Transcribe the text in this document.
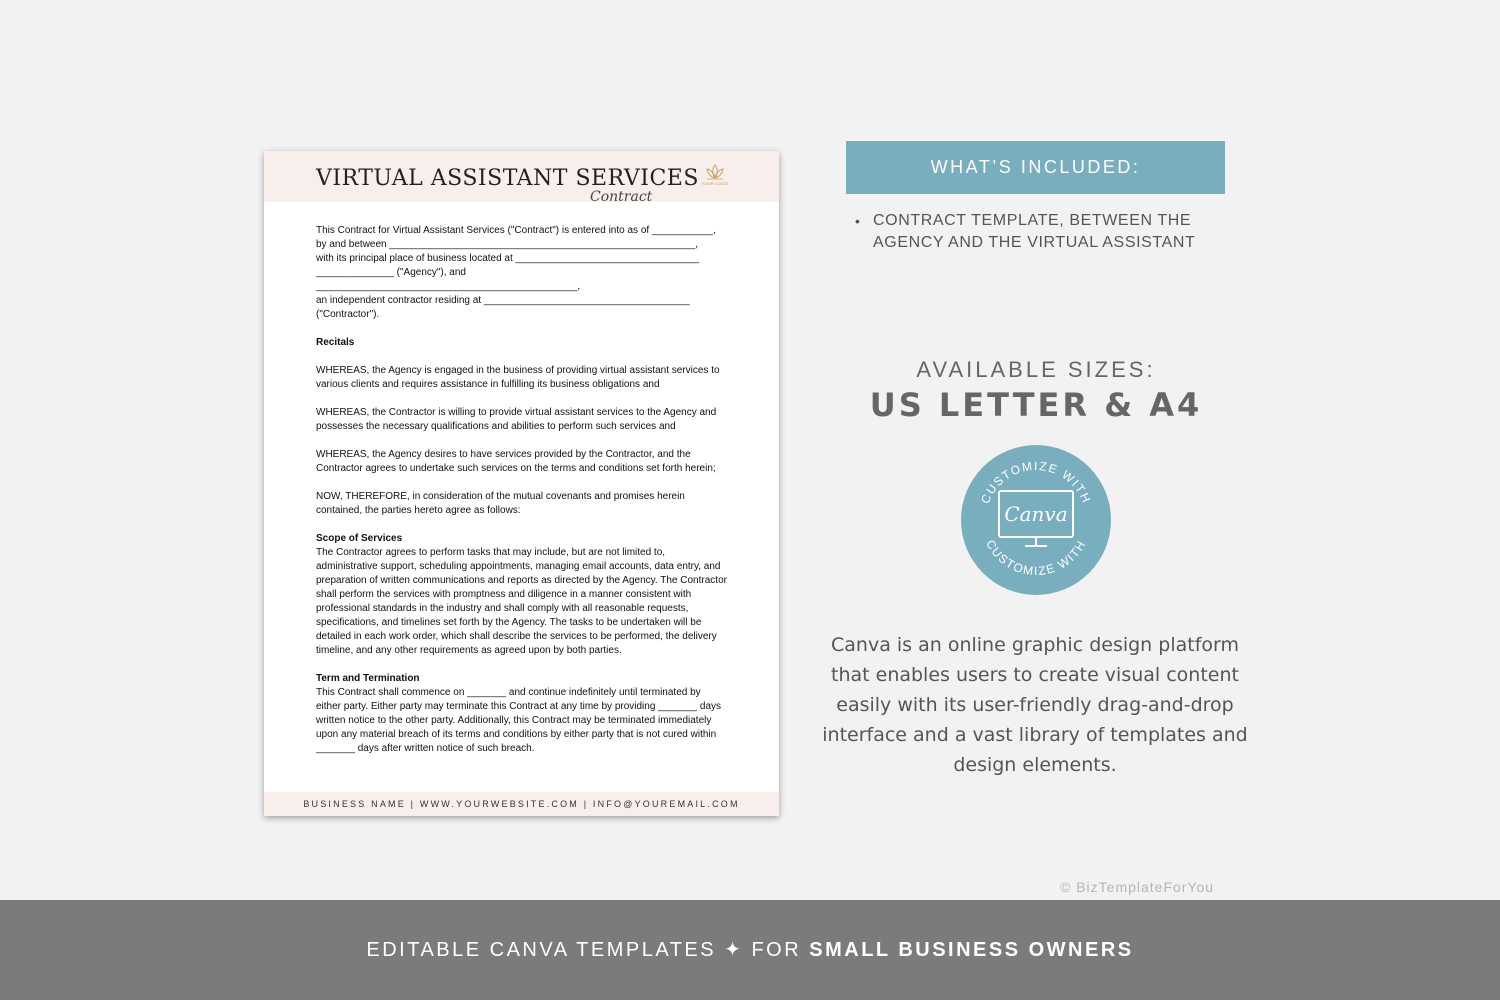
VIRTUAL ASSISTANT SERVICES
Contract
YOUR LOGO

This Contract for Virtual Assistant Services ("Contract") is entered into as of ___________,
by and between _______________________________________________________,
with its principal place of business located at _________________________________
______________ ("Agency"), and _______________________________________________,
an independent contractor residing at _____________________________________
("Contractor").

Recitals

WHEREAS, the Agency is engaged in the business of providing virtual assistant services to various clients and requires assistance in fulfilling its business obligations and

WHEREAS, the Contractor is willing to provide virtual assistant services to the Agency and possesses the necessary qualifications and abilities to perform such services and

WHEREAS, the Agency desires to have services provided by the Contractor, and the Contractor agrees to undertake such services on the terms and conditions set forth herein;

NOW, THEREFORE, in consideration of the mutual covenants and promises herein contained, the parties hereto agree as follows:

Scope of Services

The Contractor agrees to perform tasks that may include, but are not limited to, administrative support, scheduling appointments, managing email accounts, data entry, and preparation of written communications and reports as directed by the Agency. The Contractor shall perform the services with promptness and diligence in a manner consistent with professional standards in the industry and shall comply with all reasonable requests, specifications, and timelines set forth by the Agency. The tasks to be undertaken will be detailed in each work order, which shall describe the services to be performed, the delivery timeline, and any other requirements as agreed upon by both parties.

Term and Termination

This Contract shall commence on _______ and continue indefinitely until terminated by either party. Either party may terminate this Contract at any time by providing _______ days written notice to the other party. Additionally, this Contract may be terminated immediately upon any material breach of its terms and conditions by either party that is not cured within _______ days after written notice of such breach.

BUSINESS NAME | WWW.YOURWEBSITE.COM | INFO@YOUREMAIL.COM
WHAT’S INCLUDED:
• CONTRACT TEMPLATE, BETWEEN THE AGENCY AND THE VIRTUAL ASSISTANT
AVAILABLE SIZES:
US LETTER & A4
CUSTOMIZE WITH
CUSTOMIZE WITH
Canva
Canva is an online graphic design platform that enables users to create visual content easily with its user-friendly drag-and-drop interface and a vast library of templates and design elements.
© BizTemplateForYou
EDITABLE CANVA TEMPLATES ✦ FOR SMALL BUSINESS OWNERS
